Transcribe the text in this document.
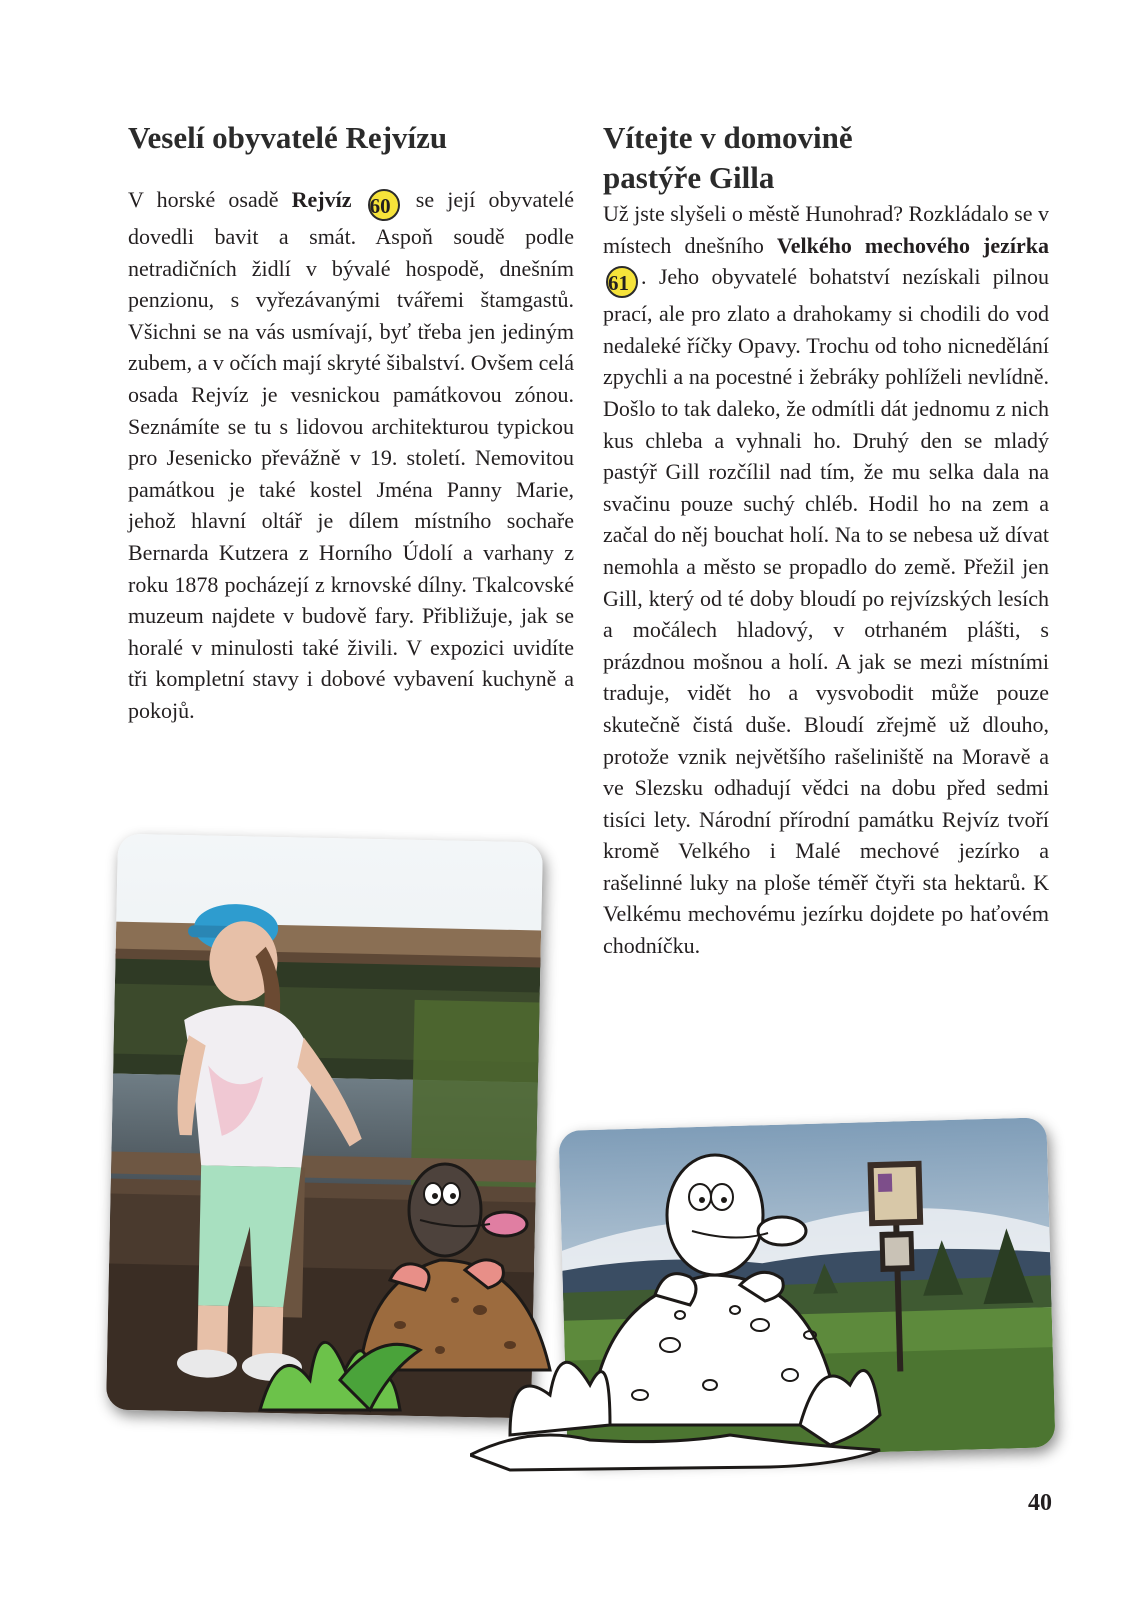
Veselí obyvatelé Rejvízu
V horské osadě Rejvíz 60 se její obyvatelé dovedli bavit a smát. Aspoň soudě podle netradičních židlí v bývalé hospodě, dnešním penzionu, s vyřezávanými tvářemi štamgastů. Všichni se na vás usmívají, byť třeba jen jediným zubem, a v očích mají skryté šibalství. Ovšem celá osada Rejvíz je vesnickou památkovou zónou. Seznámíte se tu s lidovou architekturou typickou pro Jesenicko převážně v 19. století. Nemovitou památkou je také kostel Jména Panny Marie, jehož hlavní oltář je dílem místního sochaře Bernarda Kutzera z Horního Údolí a varhany z roku 1878 pocházejí z krnovské dílny. Tkalcovské muzeum najdete v budově fary. Přibližuje, jak se horalé v minulosti také živili. V expozici uvidíte tři kompletní stavy i dobové vybavení kuchyně a pokojů.
Vítejte v domovině
pastýře Gilla
Už jste slyšeli o městě Hunohrad? Rozkládalo se v místech dnešního Velkého mechového jezírka 61 . Jeho obyvatelé bohatství nezískali pilnou prací, ale pro zlato a drahokamy si chodili do vod nedaleké říčky Opavy. Trochu od toho nicnedělání zpychli a na pocestné i žebráky pohlíželi nevlídně. Došlo to tak daleko, že odmítli dát jednomu z nich kus chleba a vyhnali ho. Druhý den se mladý pastýř Gill rozčílil nad tím, že mu selka dala na svačinu pouze suchý chléb. Hodil ho na zem a začal do něj bouchat holí. Na to se nebesa už dívat nemohla a město se propadlo do země. Přežil jen Gill, který od té doby bloudí po rejvízských lesích a močálech hladový, v otrhaném plášti, s prázdnou mošnou a holí. A jak se mezi místními traduje, vidět ho a vysvobodit může pouze skutečně čistá duše. Bloudí zřejmě už dlouho, protože vznik největšího rašeliniště na Moravě a ve Slezsku odhadují vědci na dobu před sedmi tisíci lety. Národní přírodní památku Rejvíz tvoří kromě Velkého i Malé mechové jezírko a rašelinné luky na ploše téměř čtyři sta hektarů. K Velkému mechovému jezírku dojdete po haťovém chodníčku.
40
